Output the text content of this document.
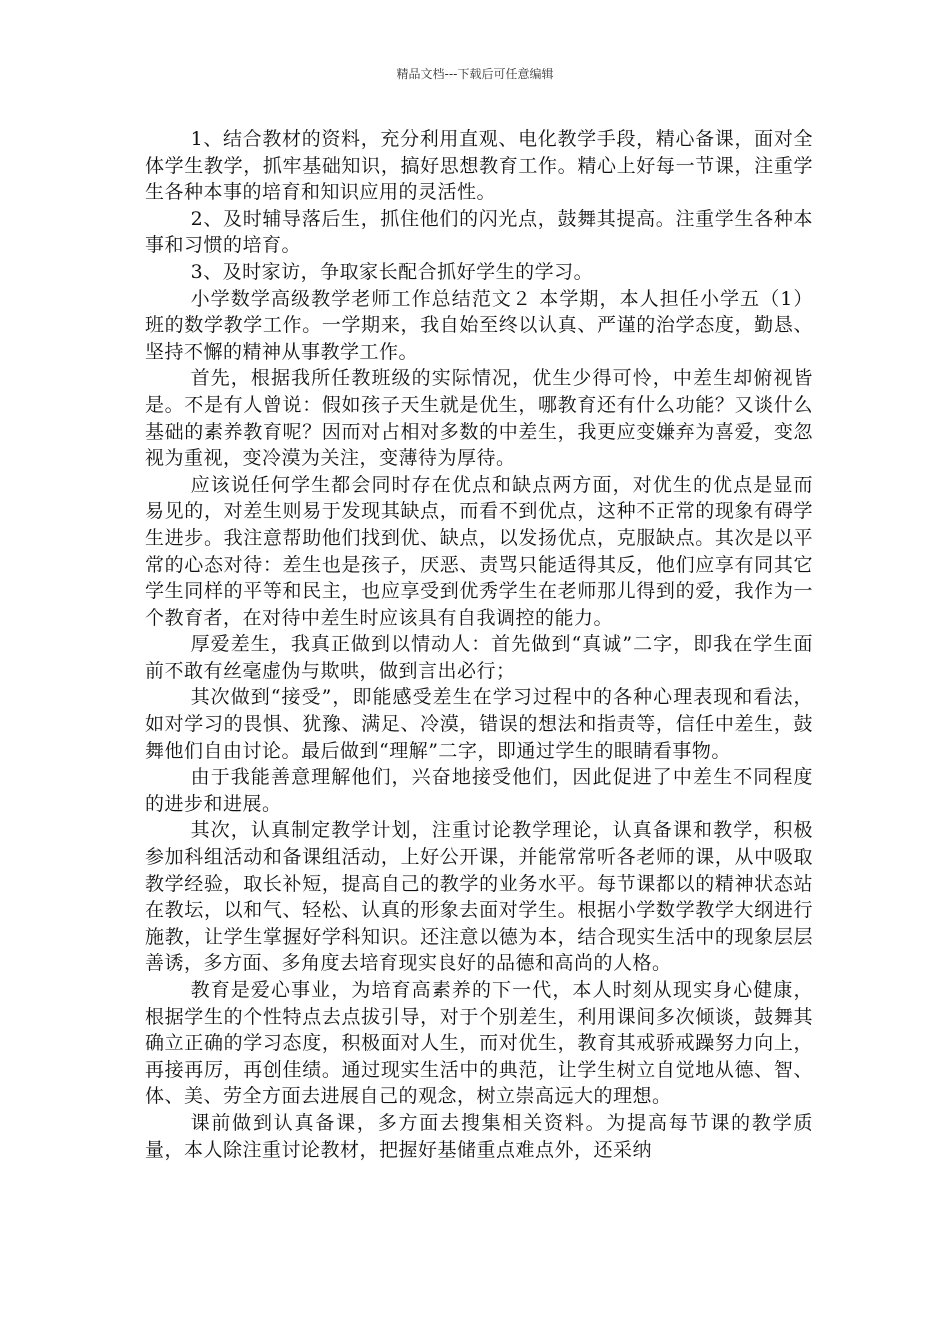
精品文档---下载后可任意编辑

1、结合教材的资料，充分利用直观、电化教学手段，精心备课，面对全体学生教学，抓牢基础知识，搞好思想教育工作。精心上好每一节课，注重学生各种本事的培育和知识应用的灵活性。

2、及时辅导落后生，抓住他们的闪光点，鼓舞其提高。注重学生各种本事和习惯的培育。

3、及时家访，争取家长配合抓好学生的学习。

小学数学高级教学老师工作总结范文２ 本学期，本人担任小学五（1）班的数学教学工作。一学期来，我自始至终以认真、严谨的治学态度，勤恳、坚持不懈的精神从事教学工作。

首先，根据我所任教班级的实际情况，优生少得可怜，中差生却俯视皆是。不是有人曾说：假如孩子天生就是优生，哪教育还有什么功能？又谈什么基础的素养教育呢？因而对占相对多数的中差生，我更应变嫌弃为喜爱，变忽视为重视，变冷漠为关注，变薄待为厚待。

应该说任何学生都会同时存在优点和缺点两方面，对优生的优点是显而易见的，对差生则易于发现其缺点，而看不到优点，这种不正常的现象有碍学生进步。我注意帮助他们找到优、缺点，以发扬优点，克服缺点。其次是以平常的心态对待：差生也是孩子，厌恶、责骂只能适得其反，他们应享有同其它学生同样的平等和民主，也应享受到优秀学生在老师那儿得到的爱，我作为一个教育者，在对待中差生时应该具有自我调控的能力。

厚爱差生，我真正做到以情动人：首先做到“真诚”二字，即我在学生面前不敢有丝毫虚伪与欺哄，做到言出必行；

其次做到“接受”，即能感受差生在学习过程中的各种心理表现和看法，如对学习的畏惧、犹豫、满足、冷漠，错误的想法和指责等，信任中差生，鼓舞他们自由讨论。最后做到“理解”二字，即通过学生的眼睛看事物。

由于我能善意理解他们，兴奋地接受他们，因此促进了中差生不同程度的进步和进展。

其次，认真制定教学计划，注重讨论教学理论，认真备课和教学，积极参加科组活动和备课组活动，上好公开课，并能常常听各老师的课，从中吸取教学经验，取长补短，提高自己的教学的业务水平。每节课都以的精神状态站在教坛，以和气、轻松、认真的形象去面对学生。根据小学数学教学大纲进行施教，让学生掌握好学科知识。还注意以德为本，结合现实生活中的现象层层善诱，多方面、多角度去培育现实良好的品德和高尚的人格。

教育是爱心事业，为培育高素养的下一代，本人时刻从现实身心健康，根据学生的个性特点去点拔引导，对于个别差生，利用课间多次倾谈，鼓舞其确立正确的学习态度，积极面对人生，而对优生，教育其戒骄戒躁努力向上，再接再厉，再创佳绩。通过现实生活中的典范，让学生树立自觉地从德、智、体、美、劳全方面去进展自己的观念，树立崇高远大的理想。

课前做到认真备课，多方面去搜集相关资料。为提高每节课的教学质量，本人除注重讨论教材，把握好基储重点难点外，还采纳
